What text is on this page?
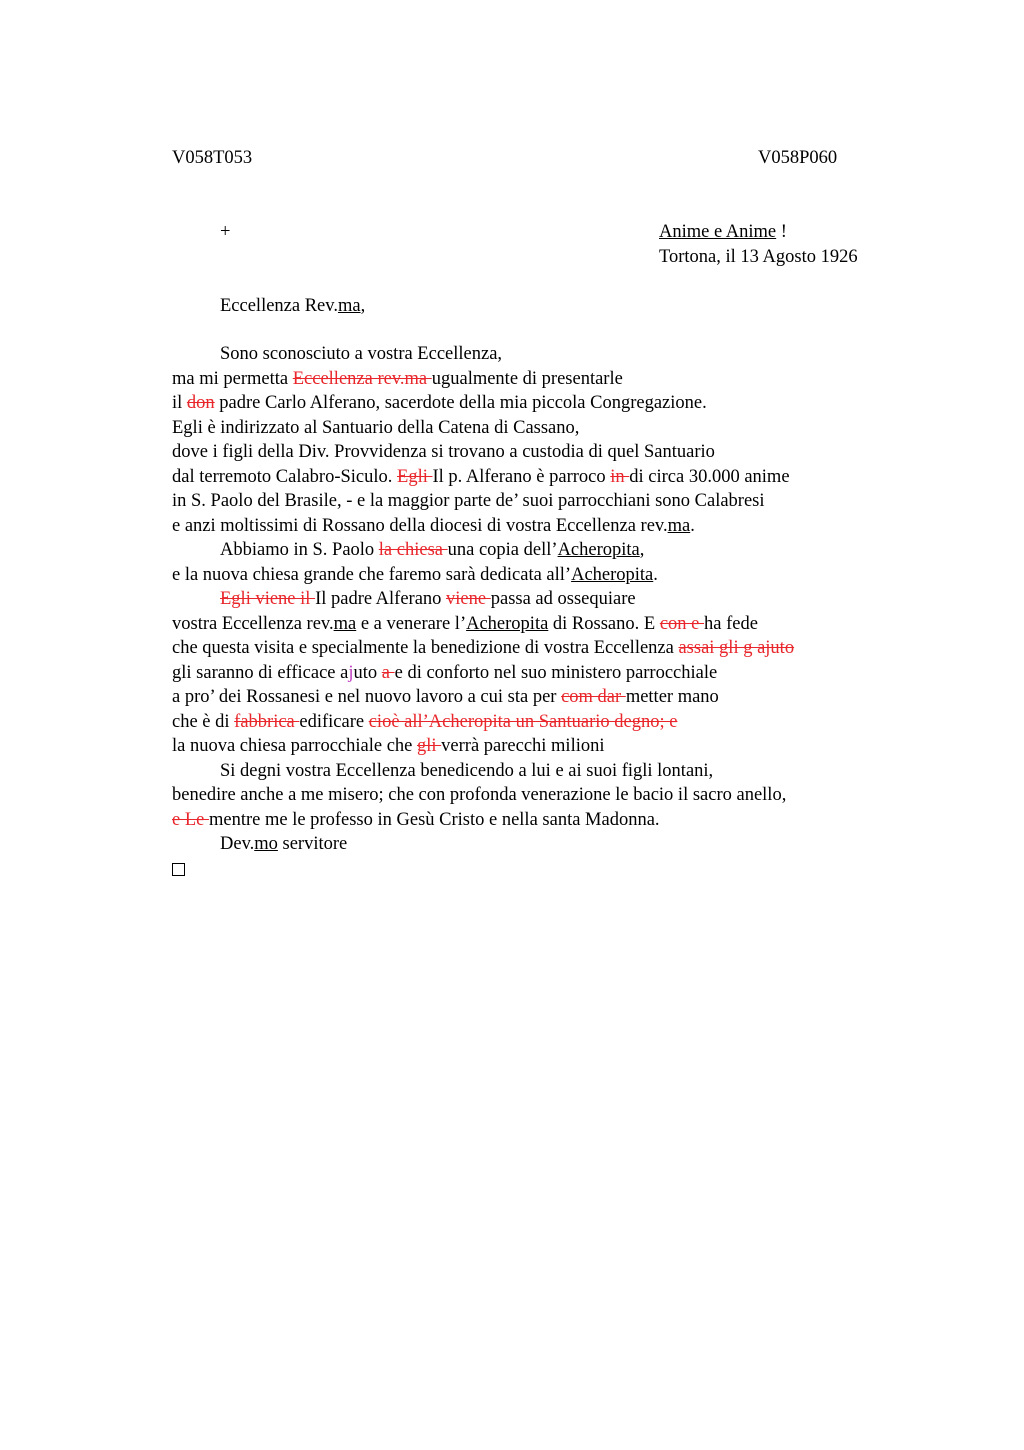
V058T053	V058P060
+	Anime e Anime !
Tortona, il 13 Agosto 1926
Eccellenza Rev.ma,
Sono sconosciuto a vostra Eccellenza,
ma mi permetta Eccellenza rev.ma ugualmente di presentarle
il don padre Carlo Alferano, sacerdote della mia piccola Congregazione.
Egli è indirizzato al Santuario della Catena di Cassano,
dove i figli della Div. Provvidenza si trovano a custodia di quel Santuario
dal terremoto Calabro-Siculo. Egli Il p. Alferano è parroco in di circa 30.000 anime
in S. Paolo del Brasile, - e la maggior parte de’ suoi parrocchiani sono Calabresi
e anzi moltissimi di Rossano della diocesi di vostra Eccellenza rev.ma.
Abbiamo in S. Paolo la chiesa una copia dell’Acheropita,
e la nuova chiesa grande che faremo sarà dedicata all’Acheropita.
Egli viene il Il padre Alferano viene passa ad ossequiare
vostra Eccellenza rev.ma e a venerare l’Acheropita di Rossano. E con e ha fede
che questa visita e specialmente la benedizione di vostra Eccellenza assai gli g ajuto
gli saranno di efficace ajuto a e di conforto nel suo ministero parrocchiale
a pro’ dei Rossanesi e nel nuovo lavoro a cui sta per com dar metter mano
che è di fabbrica edificare cioè all’Acheropita un Santuario degno; e
la nuova chiesa parrocchiale che gli verrà parecchi milioni
Si degni vostra Eccellenza benedicendo a lui e ai suoi figli lontani,
benedire anche a me misero; che con profonda venerazione le bacio il sacro anello,
e Le mentre me le professo in Gesù Cristo e nella santa Madonna.
Dev.mo servitore
